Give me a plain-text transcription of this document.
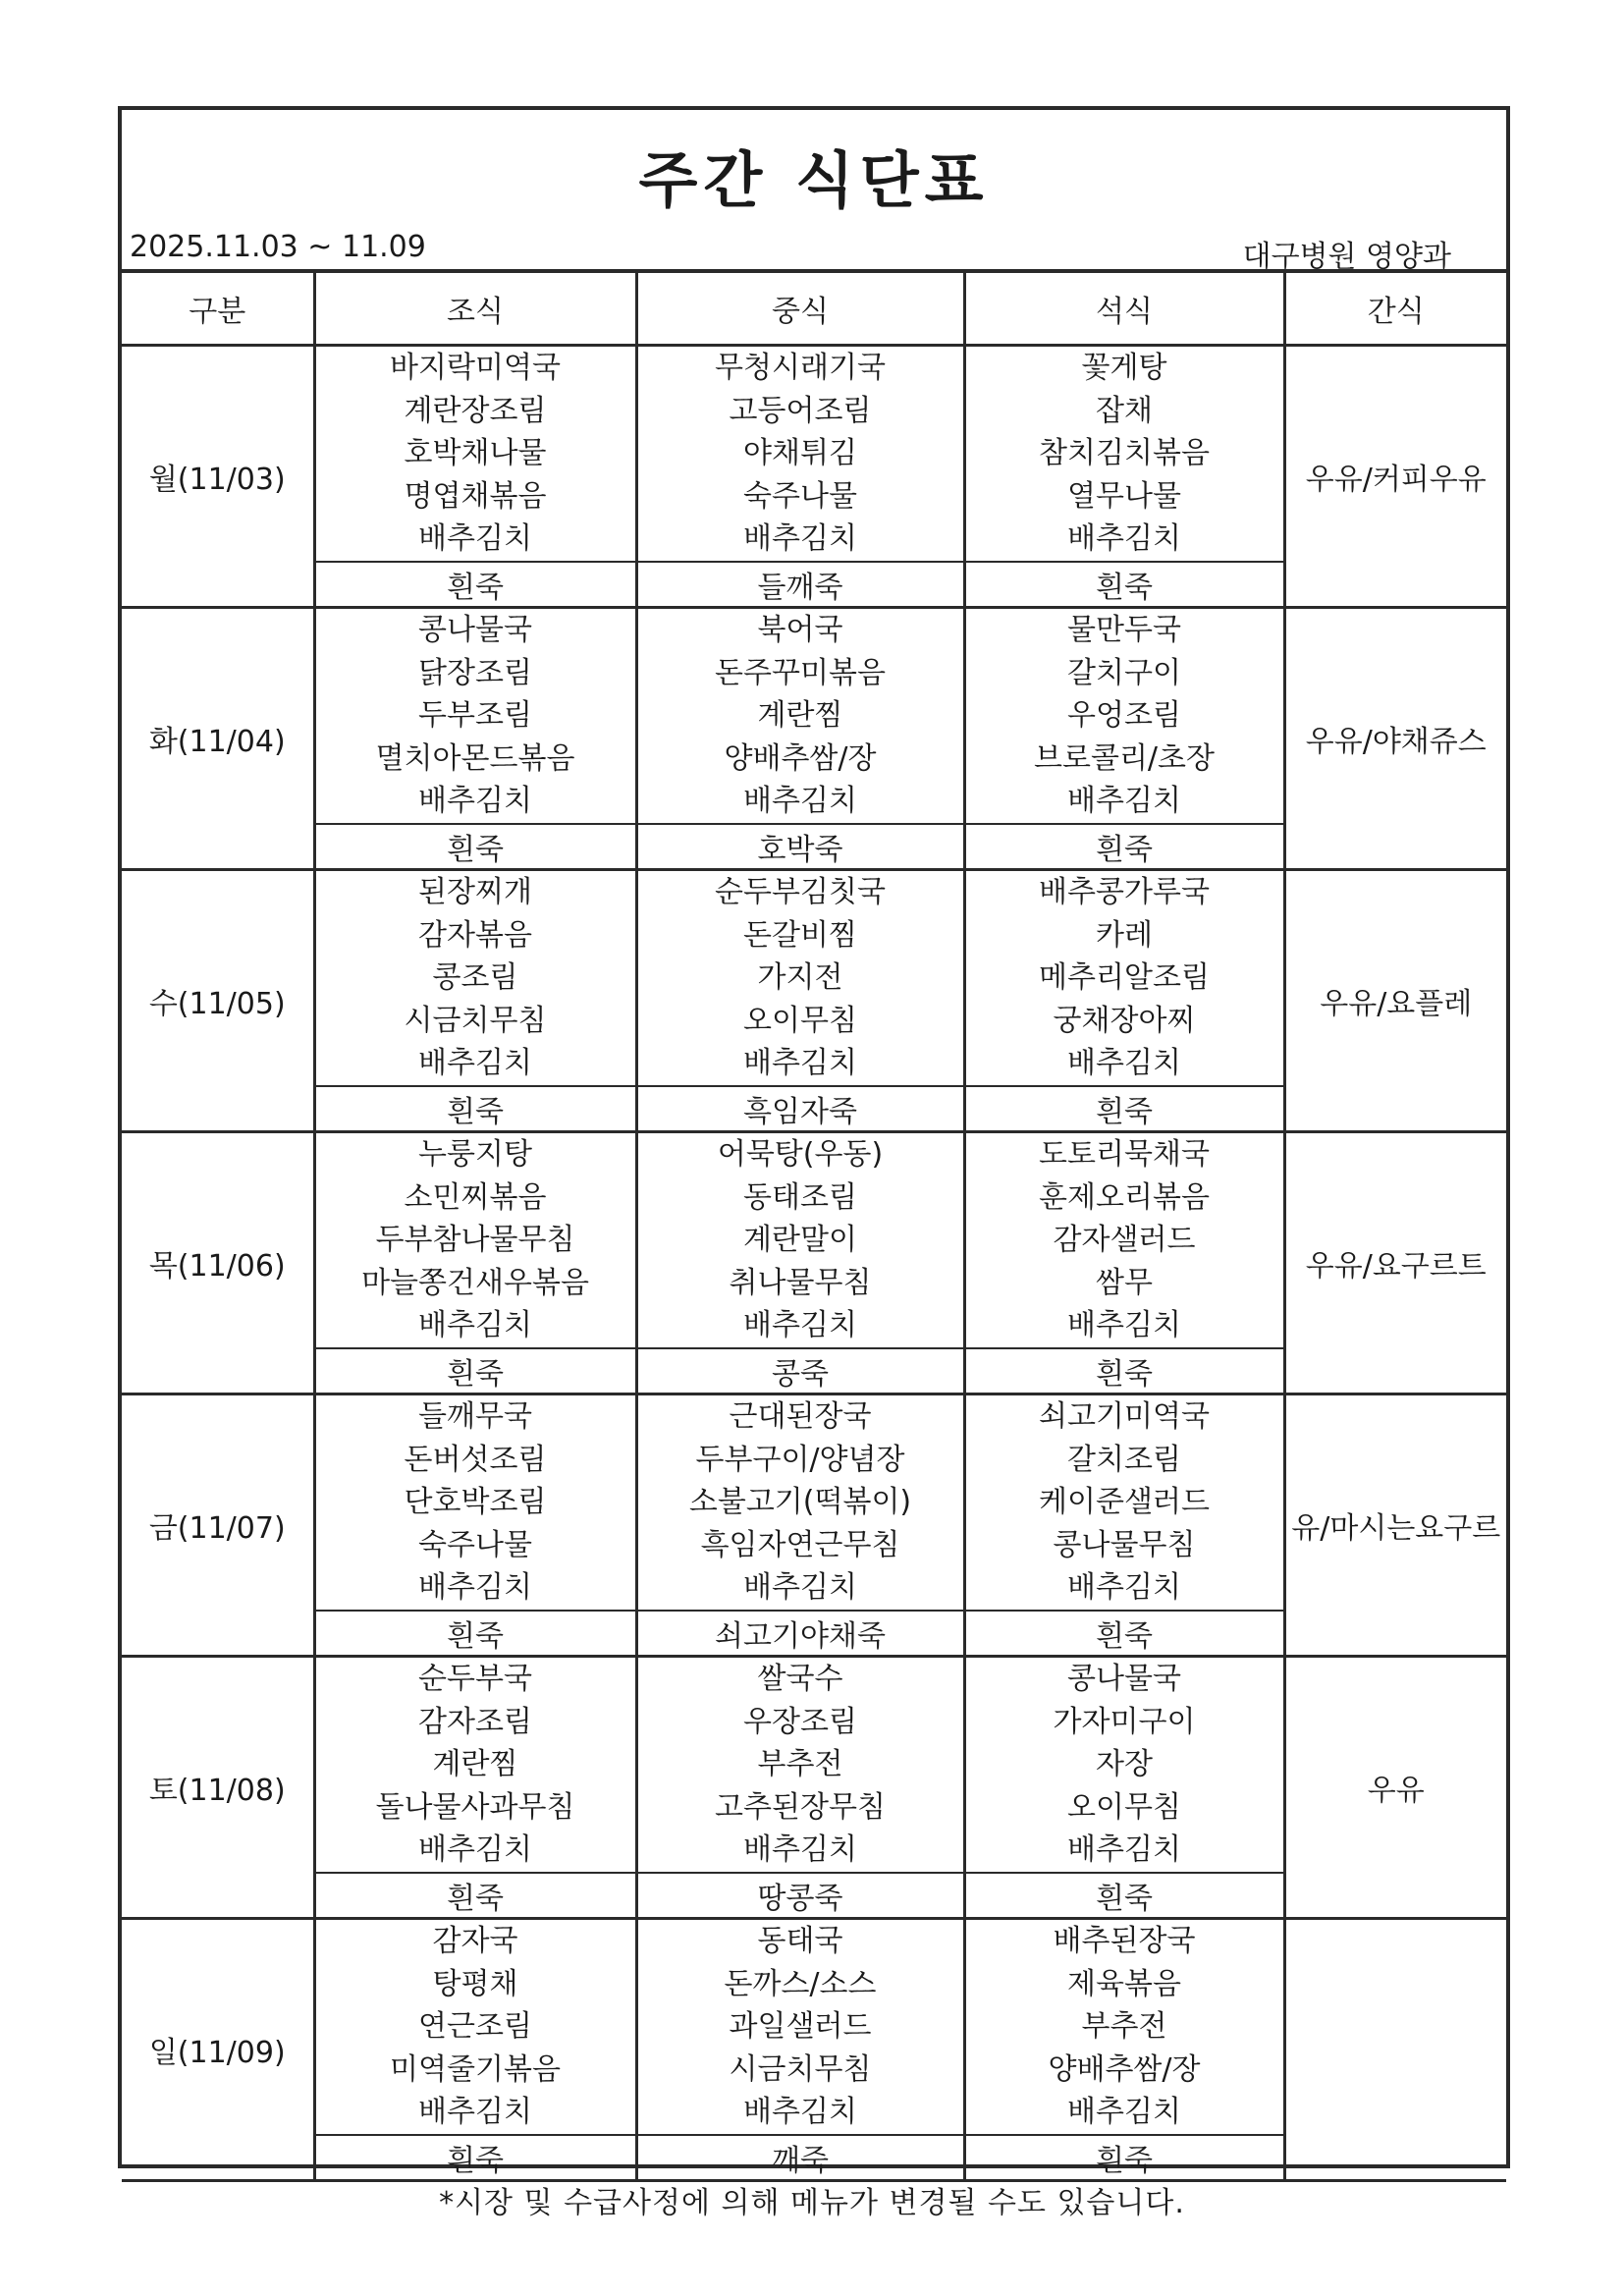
주간 식단표
2025.11.03 ~ 11.09	대구병원 영양과
구분	조식	중식	석식	간식
월(11/03)	바지락미역국
계란장조림
호박채나물
명엽채볶음
배추김치	무청시래기국
고등어조림
야채튀김
숙주나물
배추김치	꽃게탕
잡채
참치김치볶음
열무나물
배추김치	우유/커피우유

	흰죽	들깨죽	흰죽	
화(11/04)	콩나물국
닭장조림
두부조림
멸치아몬드볶음
배추김치	북어국
돈주꾸미볶음
계란찜
양배추쌈/장
배추김치	물만두국
갈치구이
우엉조림
브로콜리/초장
배추김치	우유/야채쥬스

	흰죽	호박죽	흰죽	
수(11/05)	된장찌개
감자볶음
콩조림
시금치무침
배추김치	순두부김칫국
돈갈비찜
가지전
오이무침
배추김치	배추콩가루국
카레
메추리알조림
궁채장아찌
배추김치	우유/요플레

	흰죽	흑임자죽	흰죽	
목(11/06)	누룽지탕
소민찌볶음
두부참나물무침
마늘쫑건새우볶음
배추김치	어묵탕(우동)
동태조림
계란말이
취나물무침
배추김치	도토리묵채국
훈제오리볶음
감자샐러드
쌈무
배추김치	우유/요구르트

	흰죽	콩죽	흰죽	
금(11/07)	들깨무국
돈버섯조림
단호박조림
숙주나물
배추김치	근대된장국
두부구이/양념장
소불고기(떡볶이)
흑임자연근무침
배추김치	쇠고기미역국
갈치조림
케이준샐러드
콩나물무침
배추김치	유/마시는요구르

	흰죽	쇠고기야채죽	흰죽	
토(11/08)	순두부국
감자조림
계란찜
돌나물사과무침
배추김치	쌀국수
우장조림
부추전
고추된장무침
배추김치	콩나물국
가자미구이
자장
오이무침
배추김치	우유

	흰죽	땅콩죽	흰죽	
일(11/09)	감자국
탕평채
연근조림
미역줄기볶음
배추김치	동태국
돈까스/소스
과일샐러드
시금치무침
배추김치	배추된장국
제육볶음
부추전
양배추쌈/장
배추김치	

	흰죽	깨죽	흰죽	
*시장 및 수급사정에 의해 메뉴가 변경될 수도 있습니다.
